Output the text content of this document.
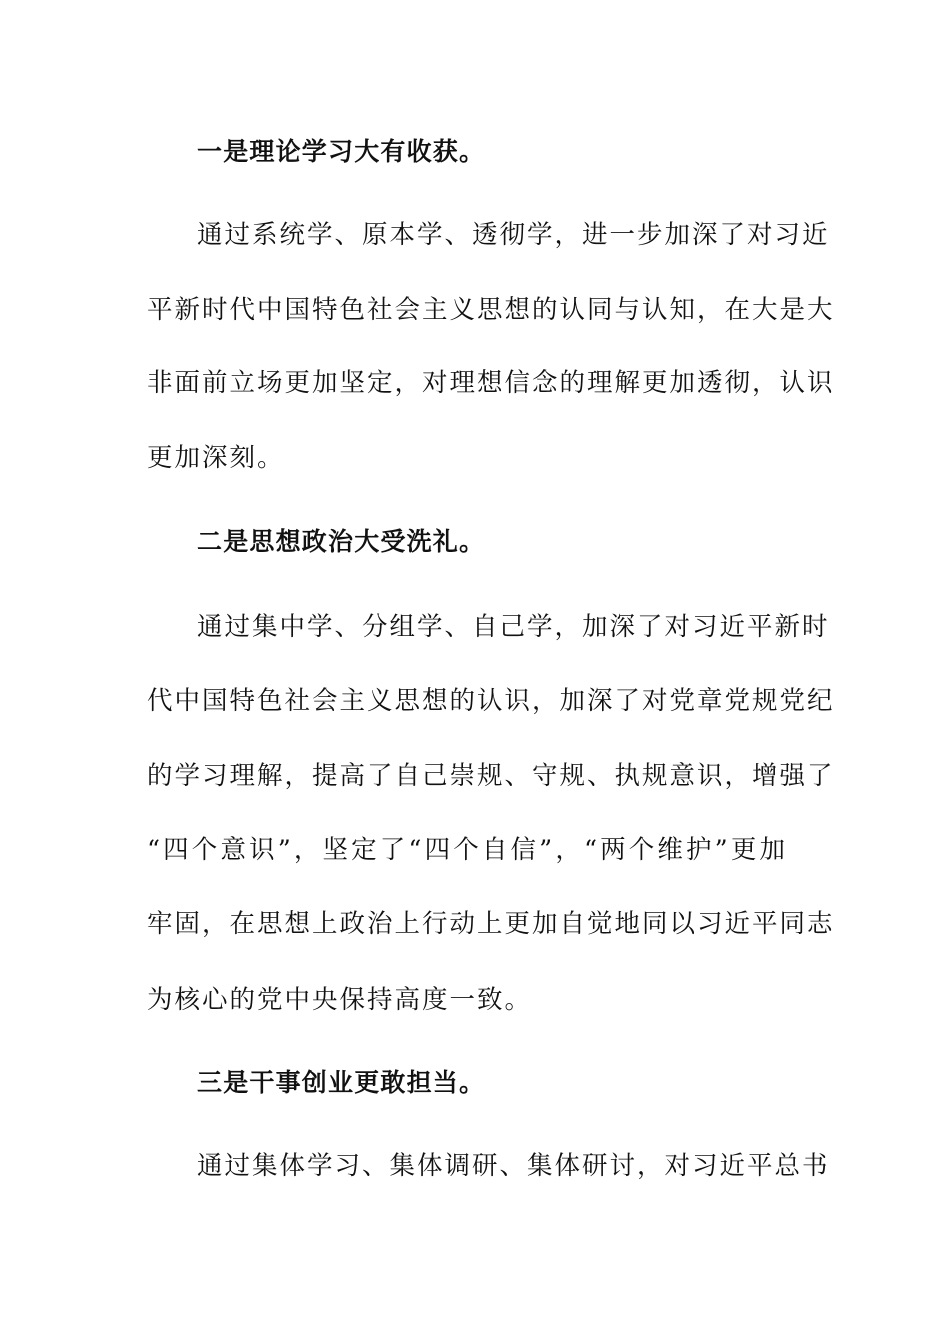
一是理论学习大有收获。
通过系统学、原本学、透彻学，进一步加深了对习近
平新时代中国特色社会主义思想的认同与认知，在大是大
非面前立场更加坚定，对理想信念的理解更加透彻，认识
更加深刻。
二是思想政治大受洗礼。
通过集中学、分组学、自己学，加深了对习近平新时
代中国特色社会主义思想的认识，加深了对党章党规党纪
的学习理解，提高了自己崇规、守规、执规意识，增强了
“四个意识”，坚定了“四个自信”，“两个维护”更加
牢固，在思想上政治上行动上更加自觉地同以习近平同志
为核心的党中央保持高度一致。
三是干事创业更敢担当。
通过集体学习、集体调研、集体研讨，对习近平总书
